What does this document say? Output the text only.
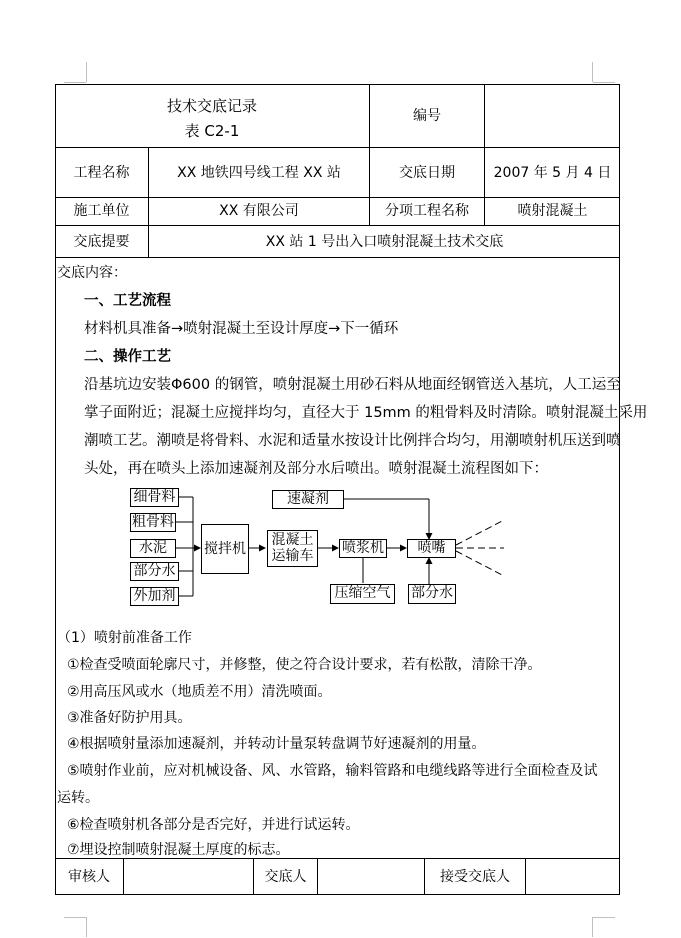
技术交底记录
表 C2-1
编号
工程名称	XX 地铁四号线工程 XX 站	交底日期	2007 年 5 月 4 日
施工单位	XX 有限公司	分项工程名称	喷射混凝土
交底提要	XX 站 1 号出入口喷射混凝土技术交底
交底内容：
一、工艺流程
材料机具准备→喷射混凝土至设计厚度→下一循环
二、操作工艺
沿基坑边安装Φ600 的钢管，喷射混凝土用砂石料从地面经钢管送入基坑，人工运至
掌子面附近；混凝土应搅拌均匀，直径大于 15mm 的粗骨料及时清除。喷射混凝土采用
潮喷工艺。潮喷是将骨料、水泥和适量水按设计比例拌合均匀，用潮喷射机压送到喷
头处，再在喷头上添加速凝剂及部分水后喷出。喷射混凝土流程图如下：
细骨料
粗骨料
水泥
部分水
外加剂
搅拌机
混凝土
运输车 喷浆机	喷嘴
速凝剂
压缩空气	部分水
（1）喷射前准备工作
①检查受喷面轮廓尺寸，并修整，使之符合设计要求，若有松散，清除干净。
②用高压风或水（地质差不用）清洗喷面。
③准备好防护用具。
④根据喷射量添加速凝剂，并转动计量泵转盘调节好速凝剂的用量。
⑤喷射作业前，应对机械设备、风、水管路，输料管路和电缆线路等进行全面检查及试
运转。
⑥检查喷射机各部分是否完好，并进行试运转。
⑦埋设控制喷射混凝土厚度的标志。
审核人	交底人	接受交底人
